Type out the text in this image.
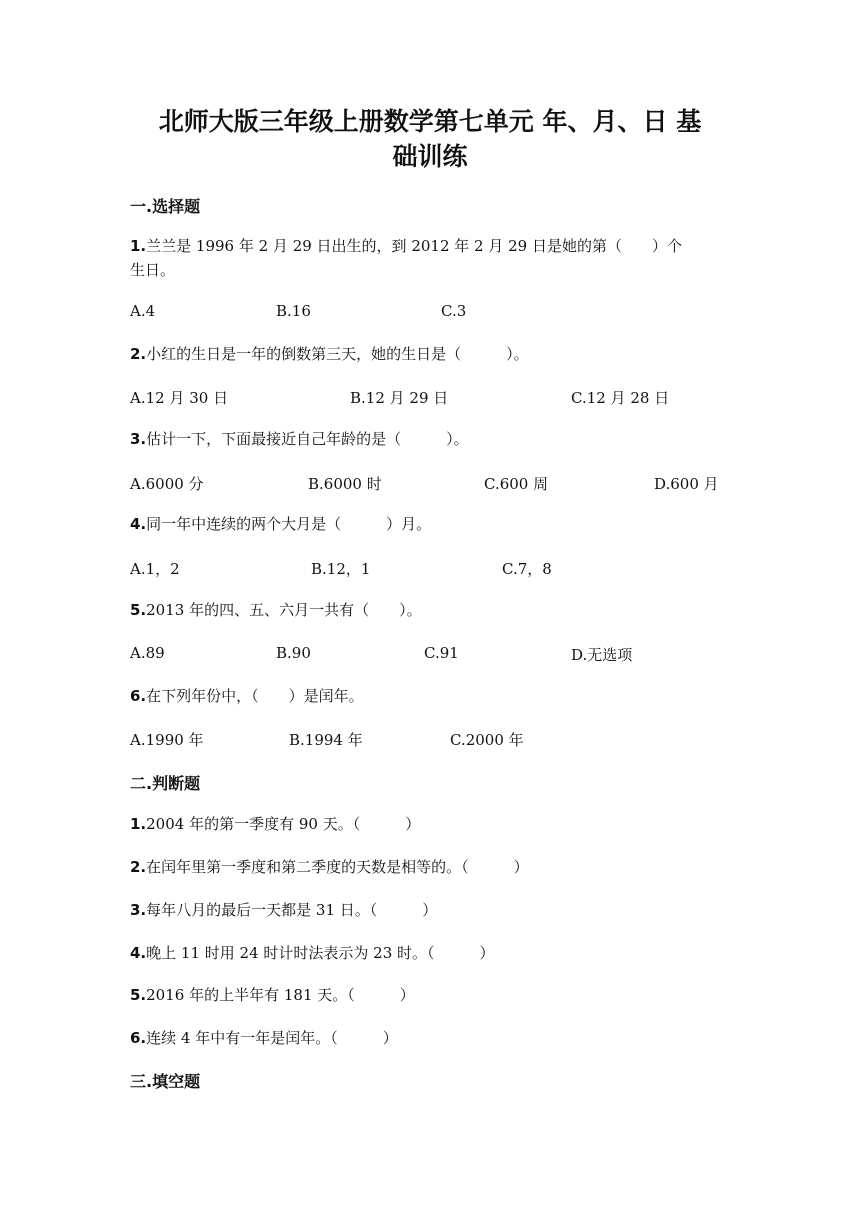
北师大版三年级上册数学第七单元 年、月、日 基
础训练
一.选择题
1.兰兰是 1996 年 2 月 29 日出生的，到 2012 年 2 月 29 日是她的第（　　）个
生日。
A.4	B.16	C.3
2.小红的生日是一年的倒数第三天，她的生日是（　　　）。
A.12 月 30 日	B.12 月 29 日	C.12 月 28 日
3.估计一下，下面最接近自己年龄的是（　　　）。
A.6000 分	B.6000 时	C.600 周	D.600 月
4.同一年中连续的两个大月是（　　　）月。
A.1，2	B.12，1	C.7，8
5.2013 年的四、五、六月一共有（　　）。
A.89	B.90	C.91	D.无选项
6.在下列年份中，（　　）是闰年。
A.1990 年	B.1994 年	C.2000 年
二.判断题
1.2004 年的第一季度有 90 天。（　　　）
2.在闰年里第一季度和第二季度的天数是相等的。（　　　）
3.每年八月的最后一天都是 31 日。（　　　）
4.晚上 11 时用 24 时计时法表示为 23 时。（　　　）
5.2016 年的上半年有 181 天。（　　　）
6.连续 4 年中有一年是闰年。（　　　）
三.填空题
